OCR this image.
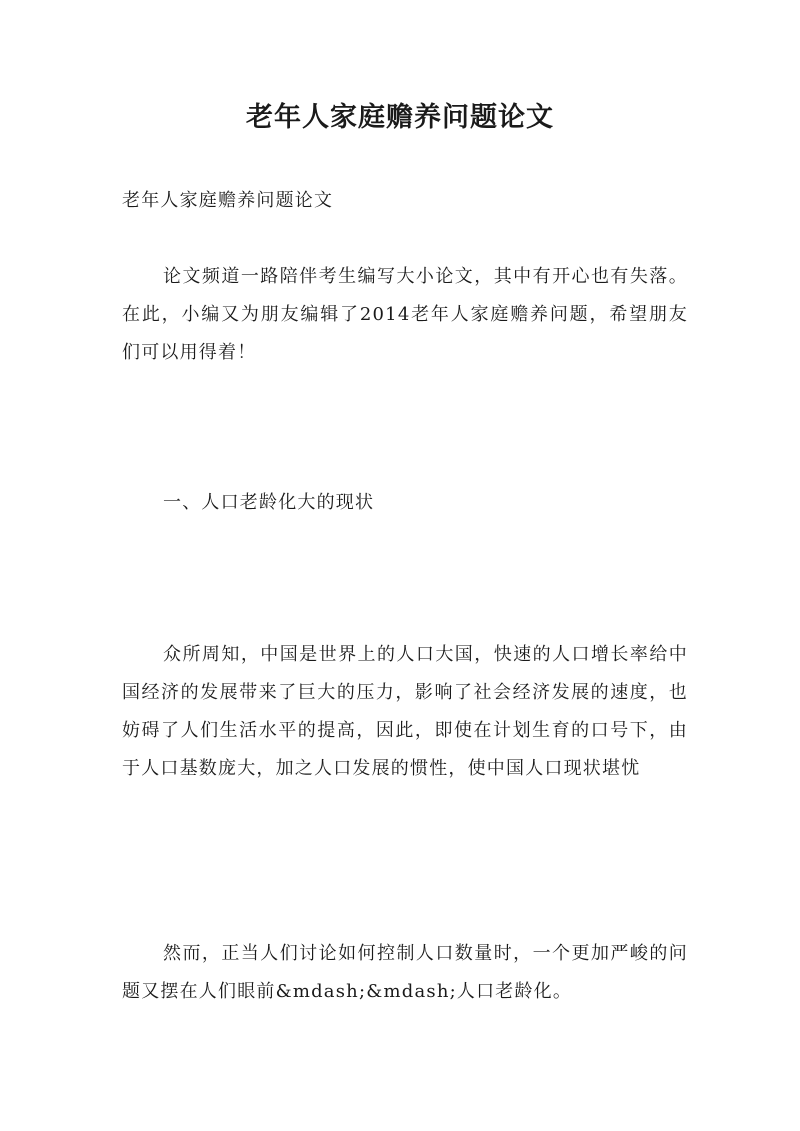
老年人家庭赡养问题论文

老年人家庭赡养问题论文

论文频道一路陪伴考生编写大小论文，其中有开心也有失落。在此，小编又为朋友编辑了2014老年人家庭赡养问题，希望朋友们可以用得着！

一、人口老龄化大的现状

众所周知，中国是世界上的人口大国，快速的人口增长率给中国经济的发展带来了巨大的压力，影响了社会经济发展的速度，也妨碍了人们生活水平的提高，因此，即使在计划生育的口号下，由于人口基数庞大，加之人口发展的惯性，使中国人口现状堪忧

然而，正当人们讨论如何控制人口数量时，一个更加严峻的问题又摆在人们眼前&mdash;&mdash;人口老龄化。
